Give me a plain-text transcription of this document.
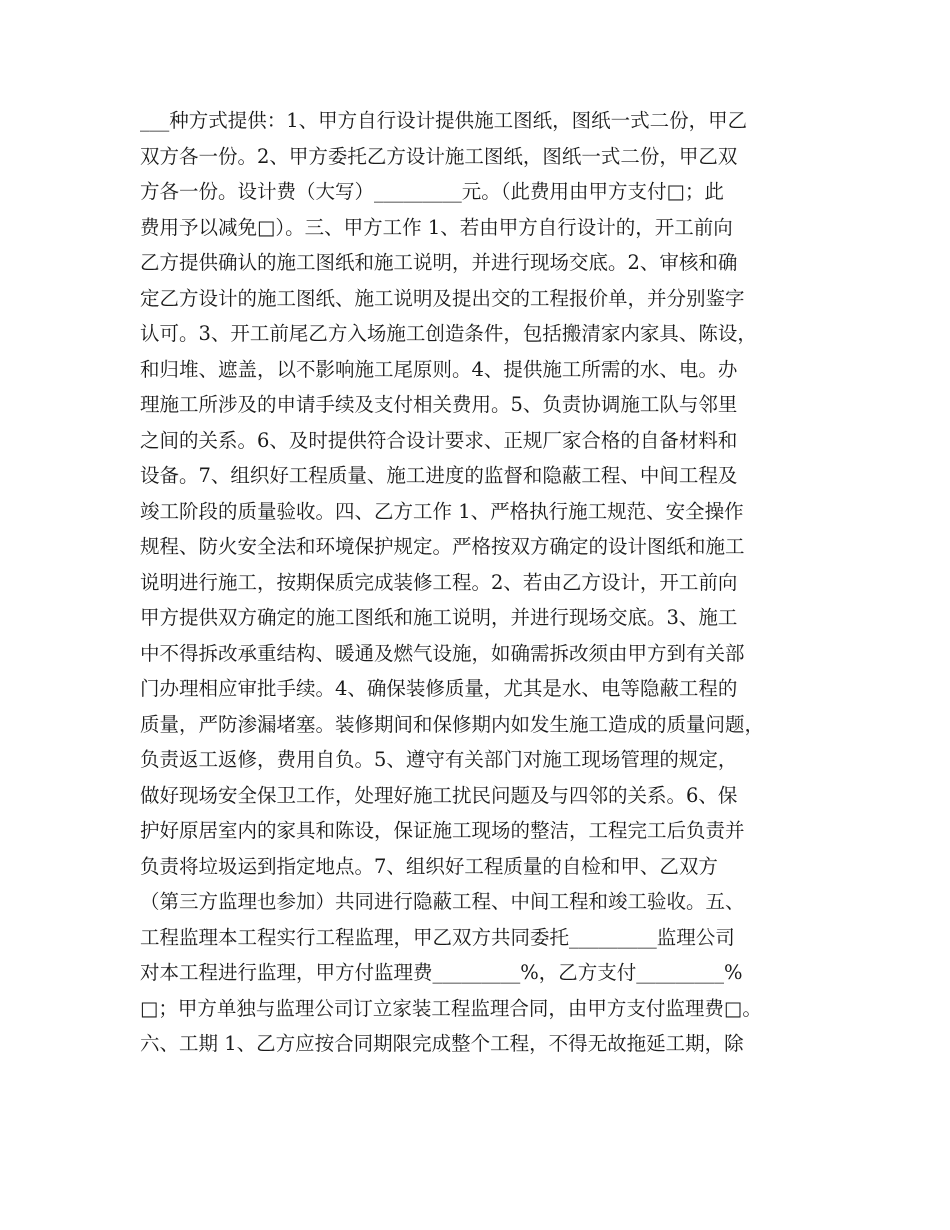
___种方式提供：1、甲方自行设计提供施工图纸，图纸一式二份，甲乙
双方各一份。2、甲方委托乙方设计施工图纸，图纸一式二份，甲乙双
方各一份。设计费（大写）_________元。（此费用由甲方支付□；此
费用予以减免□）。三、甲方工作 1、若由甲方自行设计的，开工前向
乙方提供确认的施工图纸和施工说明，并进行现场交底。2、审核和确
定乙方设计的施工图纸、施工说明及提出交的工程报价单，并分别鉴字
认可。3、开工前尾乙方入场施工创造条件，包括搬清家内家具、陈设，
和归堆、遮盖，以不影响施工尾原则。4、提供施工所需的水、电。办
理施工所涉及的申请手续及支付相关费用。5、负责协调施工队与邻里
之间的关系。6、及时提供符合设计要求、正规厂家合格的自备材料和
设备。7、组织好工程质量、施工进度的监督和隐蔽工程、中间工程及
竣工阶段的质量验收。四、乙方工作 1、严格执行施工规范、安全操作
规程、防火安全法和环境保护规定。严格按双方确定的设计图纸和施工
说明进行施工，按期保质完成装修工程。2、若由乙方设计，开工前向
甲方提供双方确定的施工图纸和施工说明，并进行现场交底。3、施工
中不得拆改承重结构、暖通及燃气设施，如确需拆改须由甲方到有关部
门办理相应审批手续。4、确保装修质量，尤其是水、电等隐蔽工程的
质量，严防渗漏堵塞。装修期间和保修期内如发生施工造成的质量问题，
负责返工返修，费用自负。5、遵守有关部门对施工现场管理的规定，
做好现场安全保卫工作，处理好施工扰民问题及与四邻的关系。6、保
护好原居室内的家具和陈设，保证施工现场的整洁，工程完工后负责并
负责将垃圾运到指定地点。7、组织好工程质量的自检和甲、乙双方
（第三方监理也参加）共同进行隐蔽工程、中间工程和竣工验收。五、
工程监理本工程实行工程监理，甲乙双方共同委托_________监理公司
对本工程进行监理，甲方付监理费_________%，乙方支付_________%
□；甲方单独与监理公司订立家装工程监理合同，由甲方支付监理费□。
六、工期 1、乙方应按合同期限完成整个工程，不得无故拖延工期，除
